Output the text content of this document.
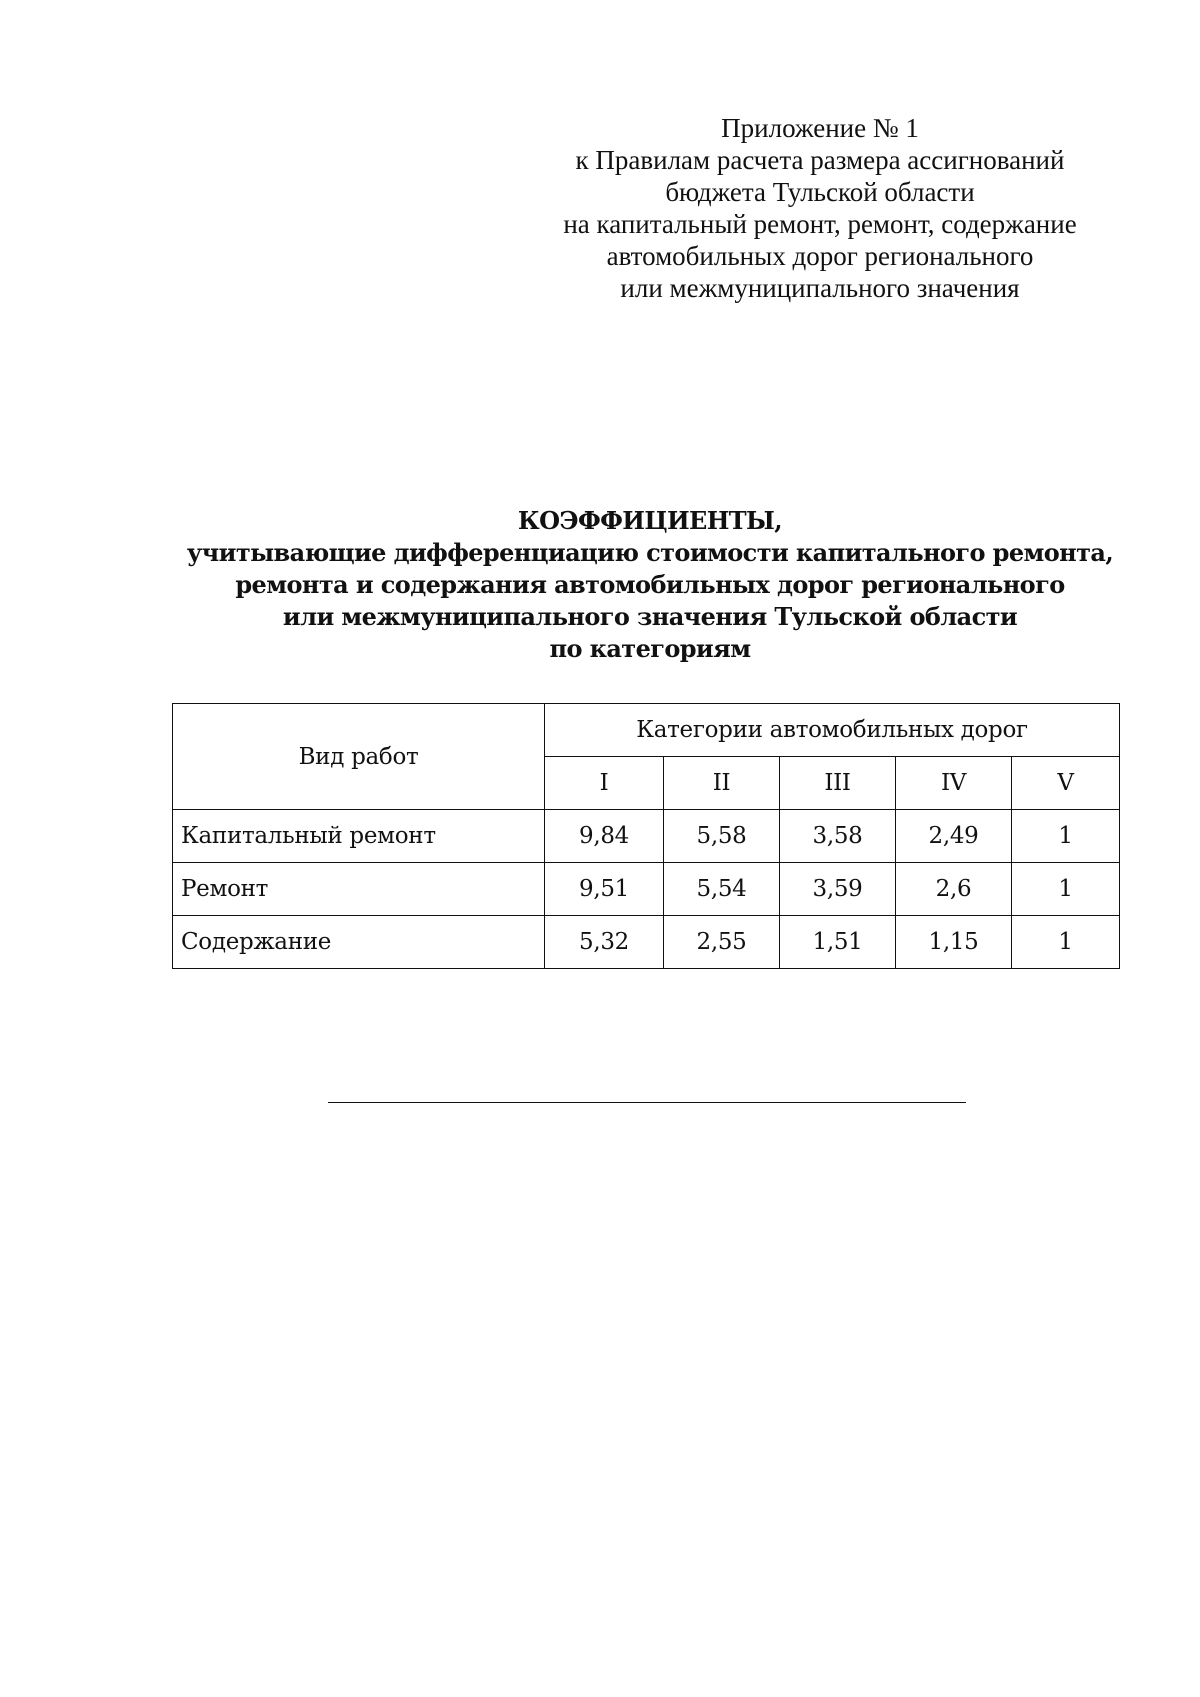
Приложение № 1
к Правилам расчета размера ассигнований
бюджета Тульской области
на капитальный ремонт, ремонт, содержание
автомобильных дорог регионального
или межмуниципального значения
КОЭФФИЦИЕНТЫ,
учитывающие дифференциацию стоимости капитального ремонта,
ремонта и содержания автомобильных дорог регионального
или межмуниципального значения Тульской области
по категориям
Вид работ	Категории автомобильных дорог				
	I	II	III	IV	V
Капитальный ремонт	9,84	5,58	3,58	2,49	1
Ремонт	9,51	5,54	3,59	2,6	1
Содержание	5,32	2,55	1,51	1,15	1
